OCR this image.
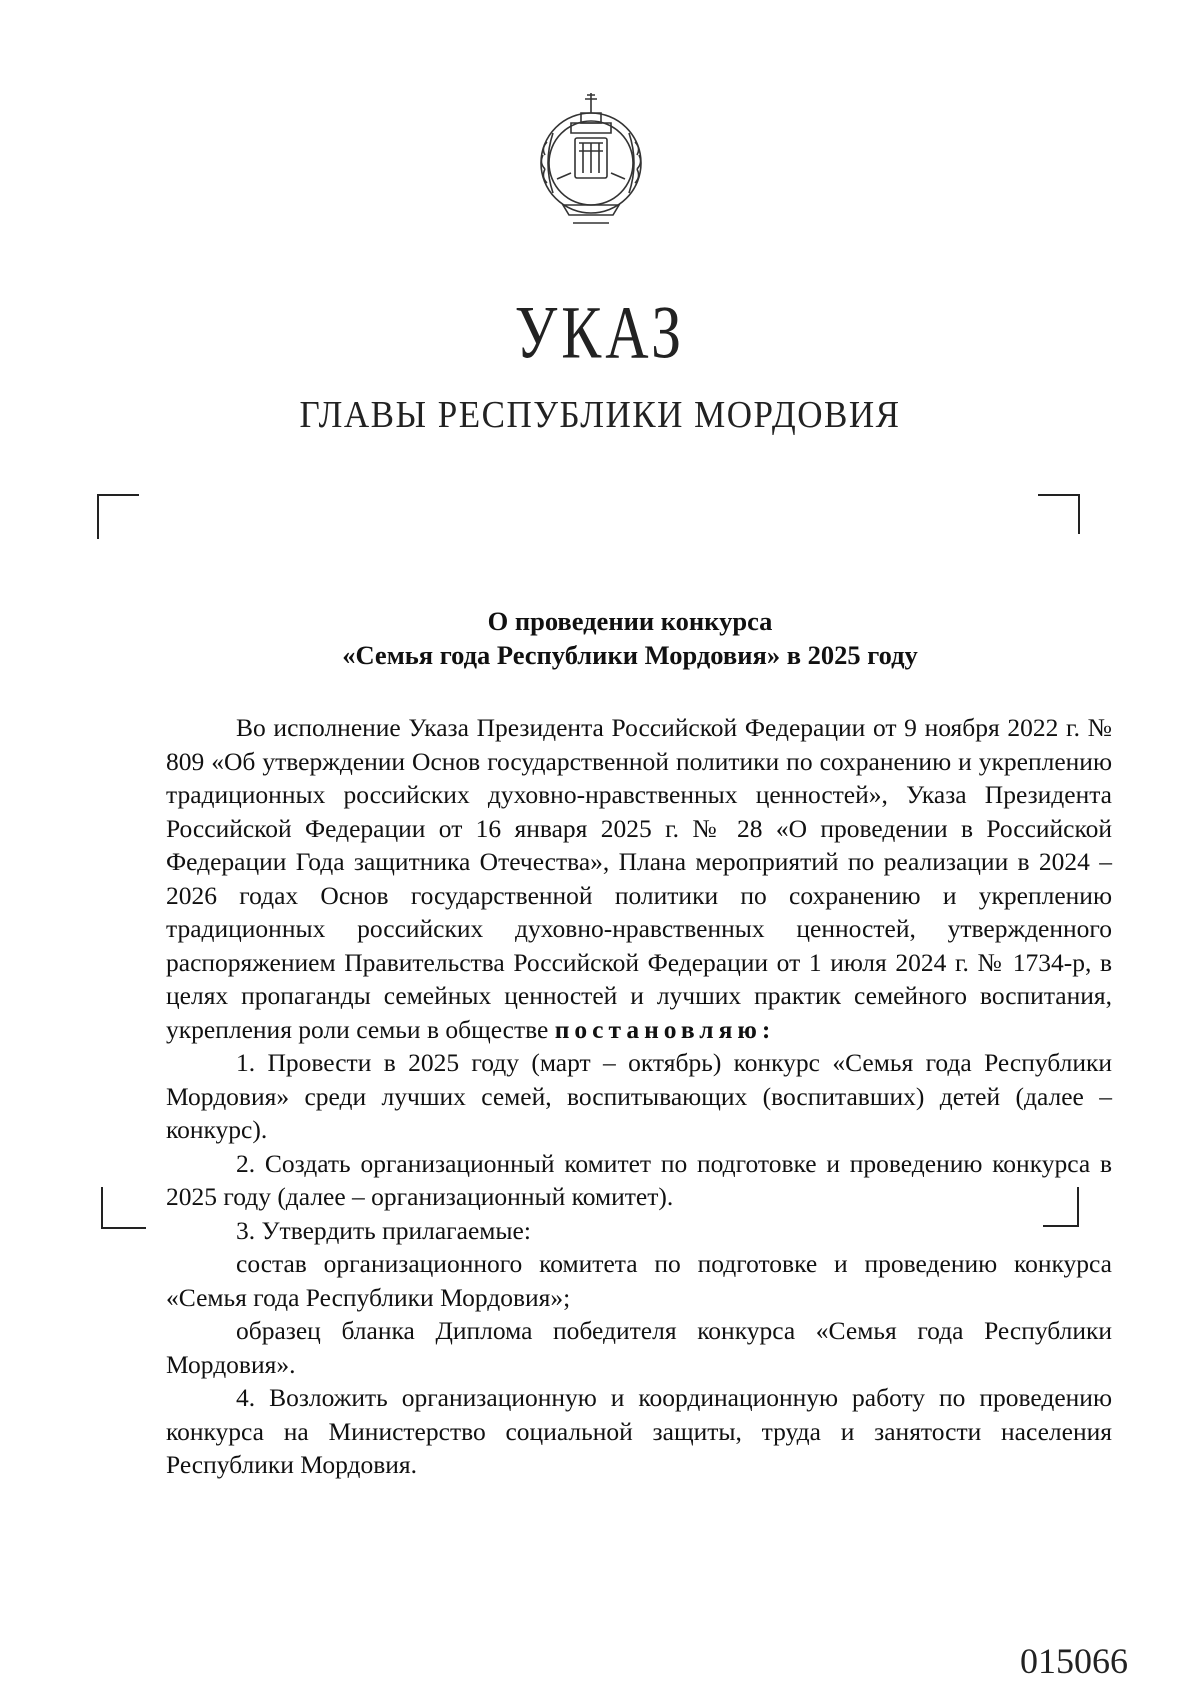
УКАЗ
ГЛАВЫ РЕСПУБЛИКИ МОРДОВИЯ
О проведении конкурса
«Семья года Республики Мордовия» в 2025 году

Во исполнение Указа Президента Российской Федерации от 9 ноября 2022 г. № 809 «Об утверждении Основ государственной политики по сохранению и укреплению традиционных российских духовно-нравственных ценностей», Указа Президента Российской Федерации от 16 января 2025 г. № 28 «О проведении в Российской Федерации Года защитника Отечества», Плана мероприятий по реализации в 2024 – 2026 годах Основ государственной политики по сохранению и укреплению традиционных российских духовно-нравственных ценностей, утвержденного распоряжением Правительства Российской Федерации от 1 июля 2024 г. № 1734-р, в целях пропаганды семейных ценностей и лучших практик семейного воспитания, укрепления роли семьи в обществе постановляю:

1. Провести в 2025 году (март – октябрь) конкурс «Семья года Республики Мордовия» среди лучших семей, воспитывающих (воспитавших) детей (далее – конкурс).

2. Создать организационный комитет по подготовке и проведению конкурса в 2025 году (далее – организационный комитет).

3. Утвердить прилагаемые:

состав организационного комитета по подготовке и проведению конкурса «Семья года Республики Мордовия»;

образец бланка Диплома победителя конкурса «Семья года Республики Мордовия».

4. Возложить организационную и координационную работу по проведению конкурса на Министерство социальной защиты, труда и занятости населения Республики Мордовия.

015066
